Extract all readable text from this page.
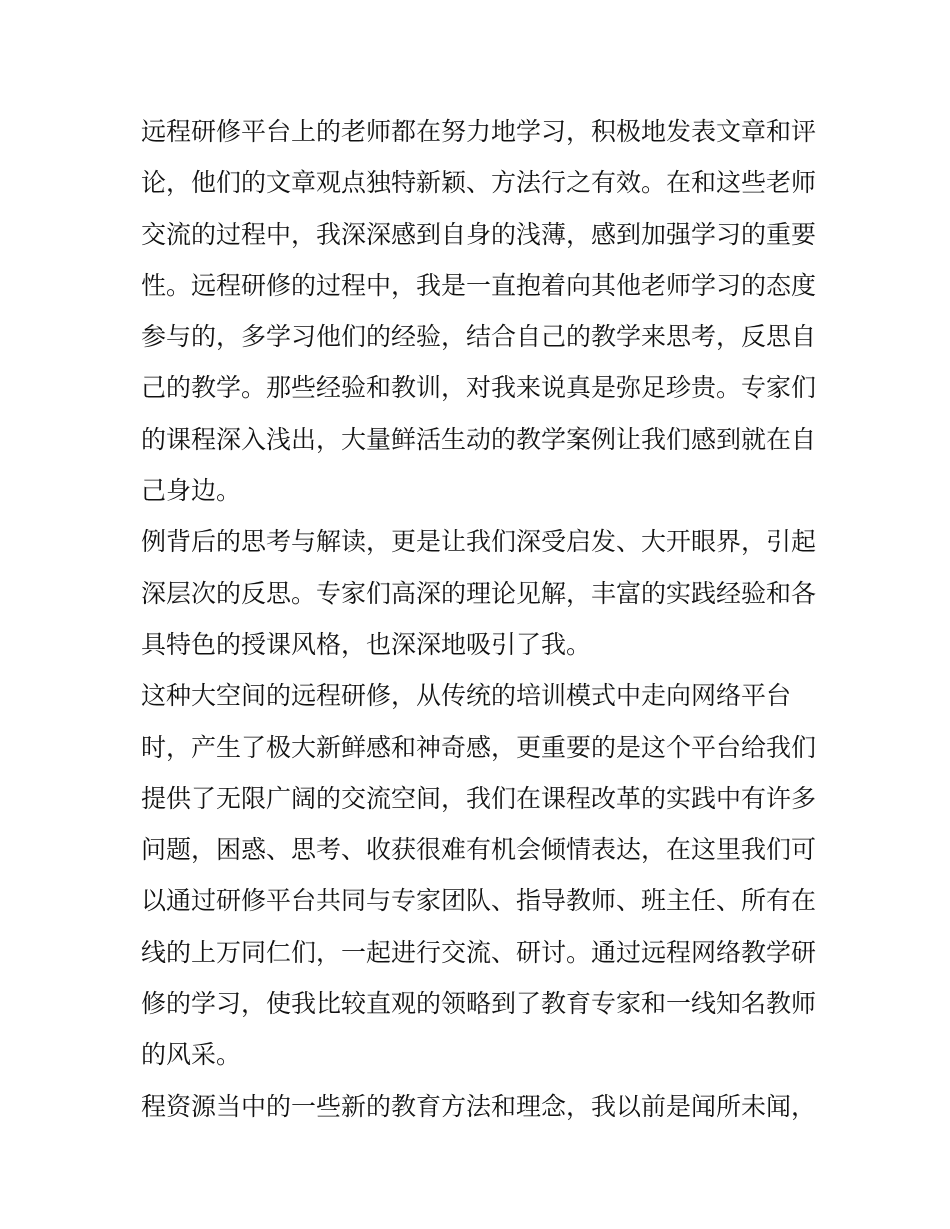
远程研修平台上的老师都在努力地学习，积极地发表文章和评
论，他们的文章观点独特新颖、方法行之有效。在和这些老师
交流的过程中，我深深感到自身的浅薄，感到加强学习的重要
性。远程研修的过程中，我是一直抱着向其他老师学习的态度
参与的，多学习他们的经验，结合自己的教学来思考，反思自
己的教学。那些经验和教训，对我来说真是弥足珍贵。专家们
的课程深入浅出，大量鲜活生动的教学案例让我们感到就在自
己身边。
例背后的思考与解读，更是让我们深受启发、大开眼界，引起
深层次的反思。专家们高深的理论见解，丰富的实践经验和各
具特色的授课风格，也深深地吸引了我。
这种大空间的远程研修，从传统的培训模式中走向网络平台
时，产生了极大新鲜感和神奇感，更重要的是这个平台给我们
提供了无限广阔的交流空间，我们在课程改革的实践中有许多
问题，困惑、思考、收获很难有机会倾情表达，在这里我们可
以通过研修平台共同与专家团队、指导教师、班主任、所有在
线的上万同仁们，一起进行交流、研讨。通过远程网络教学研
修的学习，使我比较直观的领略到了教育专家和一线知名教师
的风采。
程资源当中的一些新的教育方法和理念，我以前是闻所未闻，
